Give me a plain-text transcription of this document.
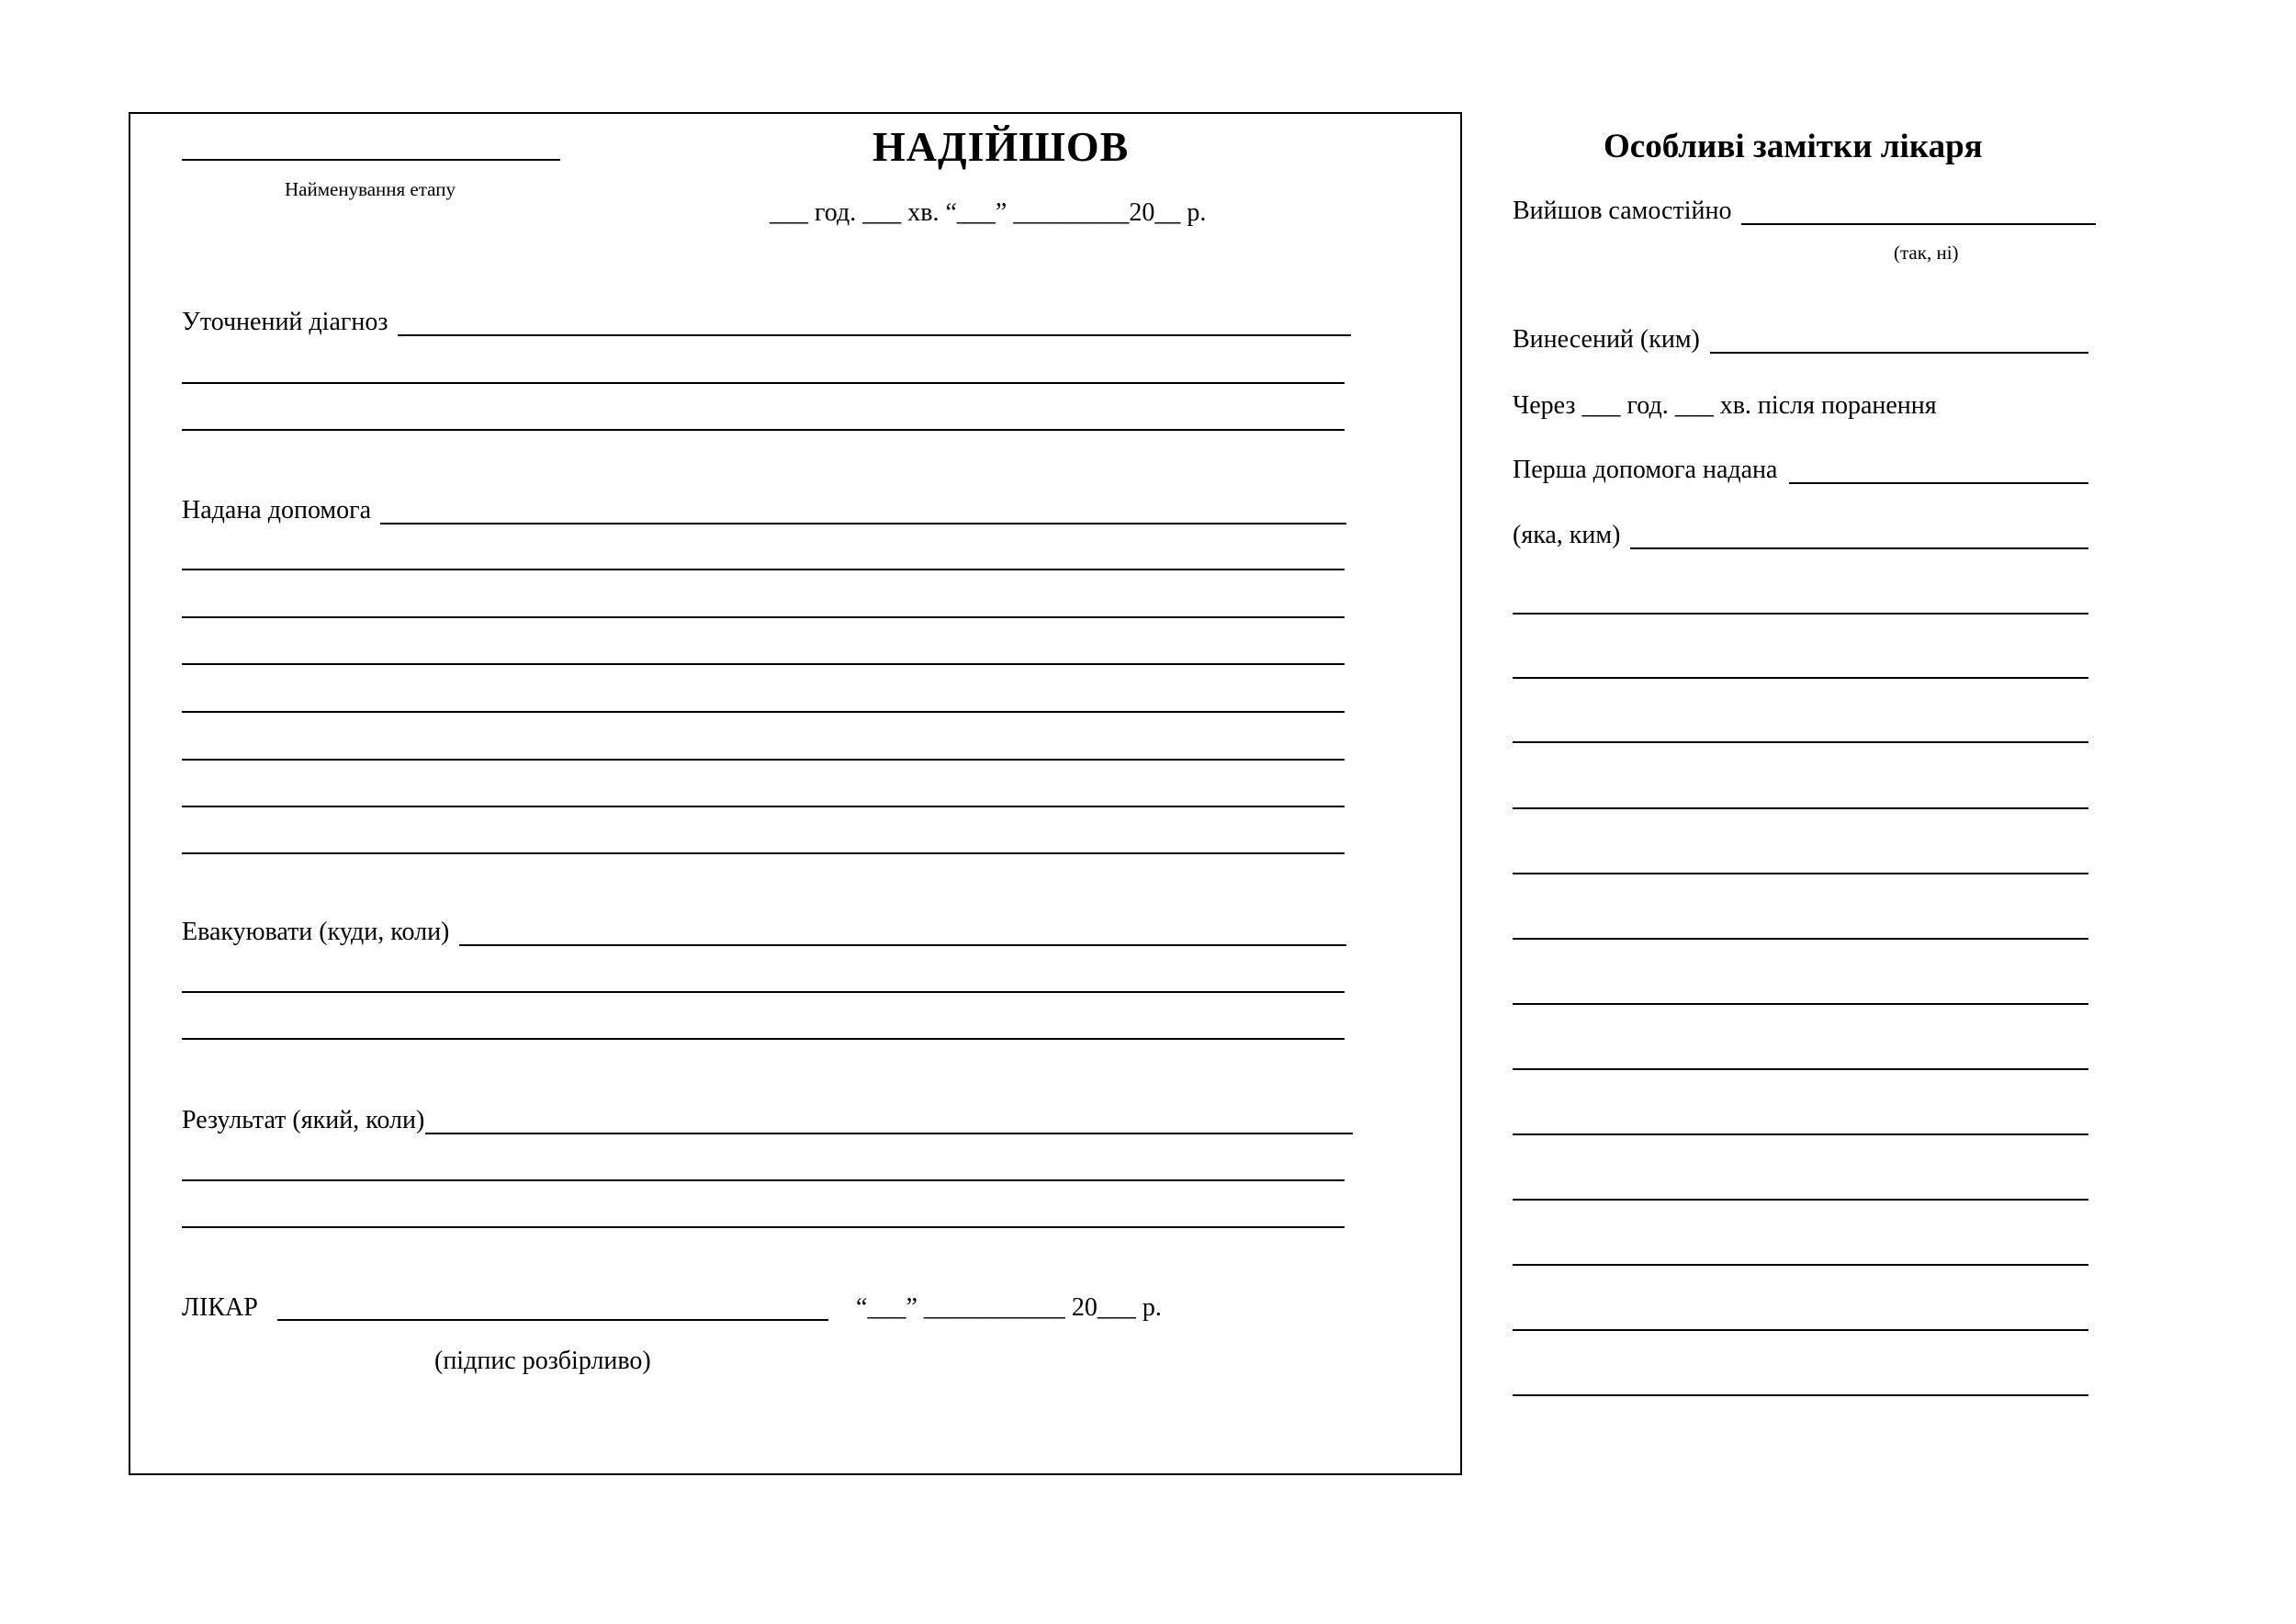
Найменування етапу
НАДІЙШОВ
___ год. ___ хв. “___” _________20__ р.
Уточнений діагноз
Надана допомога
Евакуювати (куди, коли)
Результат (який, коли)
ЛІКАР	“___” ___________ 20___ р.
(підпис розбірливо)
Особливі замітки лікаря
Вийшов самостійно
(так, ні)
Винесений (ким)
Через ___ год. ___ хв. після поранення
Перша допомога надана
(яка, ким)
